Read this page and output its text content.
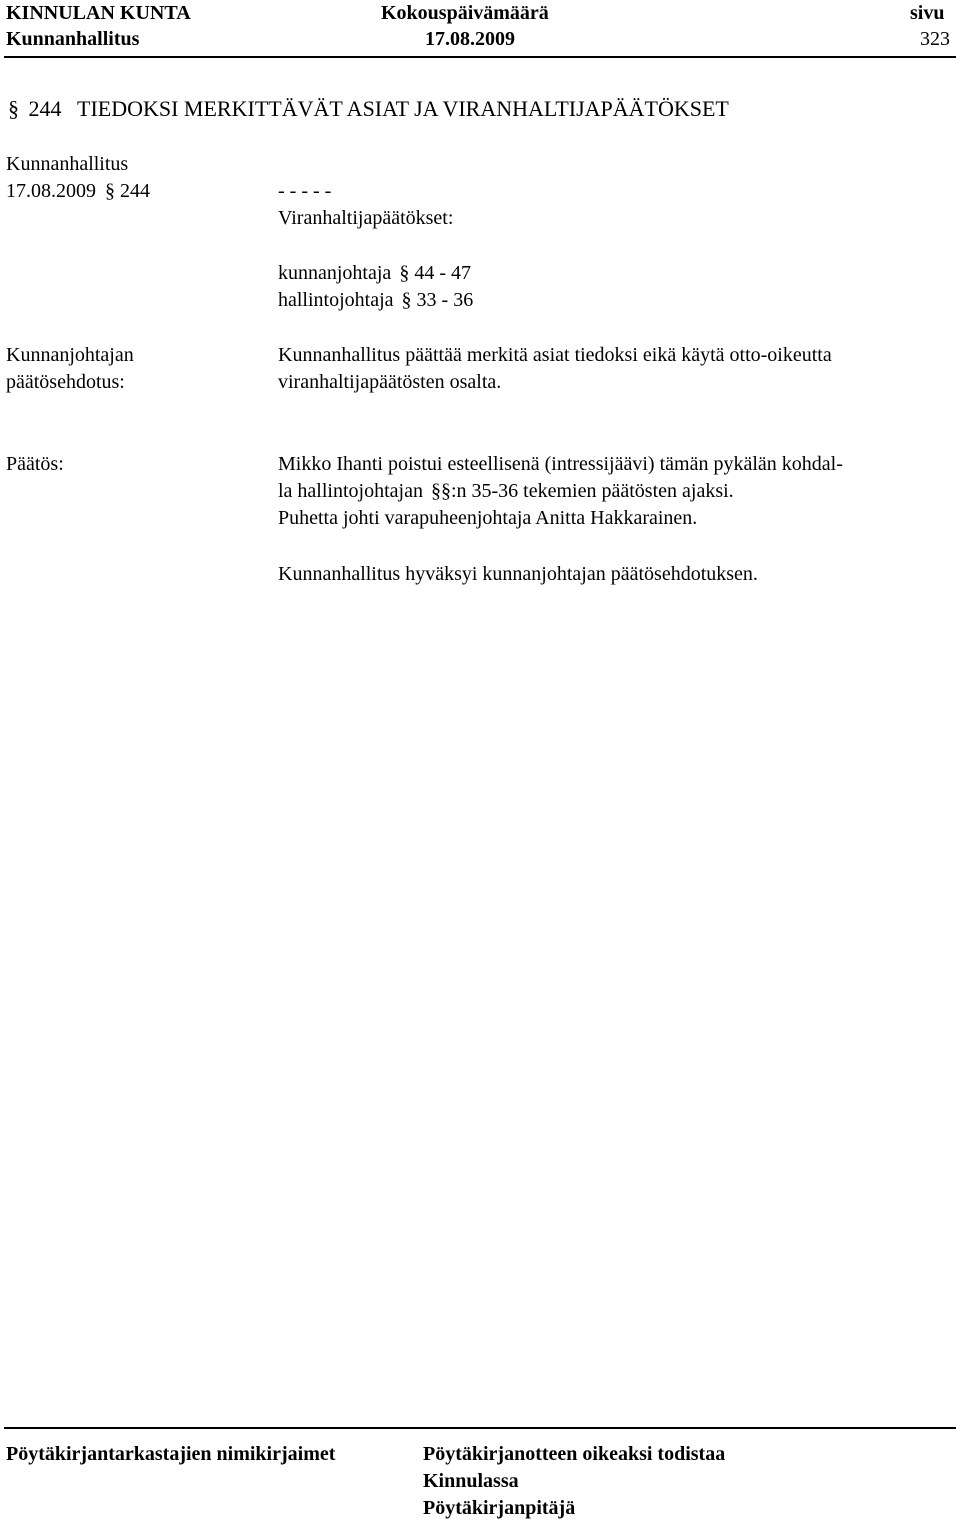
KINNULAN KUNTA	Kokouspäivämäärä	sivu
Kunnanhallitus	17.08.2009	323
§ 244 TIEDOKSI MERKITTÄVÄT ASIAT JA VIRANHALTIJAPÄÄTÖKSET
Kunnanhallitus
17.08.2009 § 244	- - - - -
Viranhaltijapäätökset:
kunnanjohtaja § 44 - 47
hallintojohtaja § 33 - 36
Kunnanjohtajan
päätösehdotus:
Kunnanhallitus päättää merkitä asiat tiedoksi eikä käytä otto-oikeutta
viranhaltijapäätösten osalta.
Päätös:	Mikko Ihanti poistui esteellisenä (intressijäävi) tämän pykälän kohdal-
la hallintojohtajan §§:n 35-36 tekemien päätösten ajaksi.
Puhetta johti varapuheenjohtaja Anitta Hakkarainen.
Kunnanhallitus hyväksyi kunnanjohtajan päätösehdotuksen.
Pöytäkirjantarkastajien nimikirjaimet	Pöytäkirjanotteen oikeaksi todistaa
Kinnulassa
Pöytäkirjanpitäjä
